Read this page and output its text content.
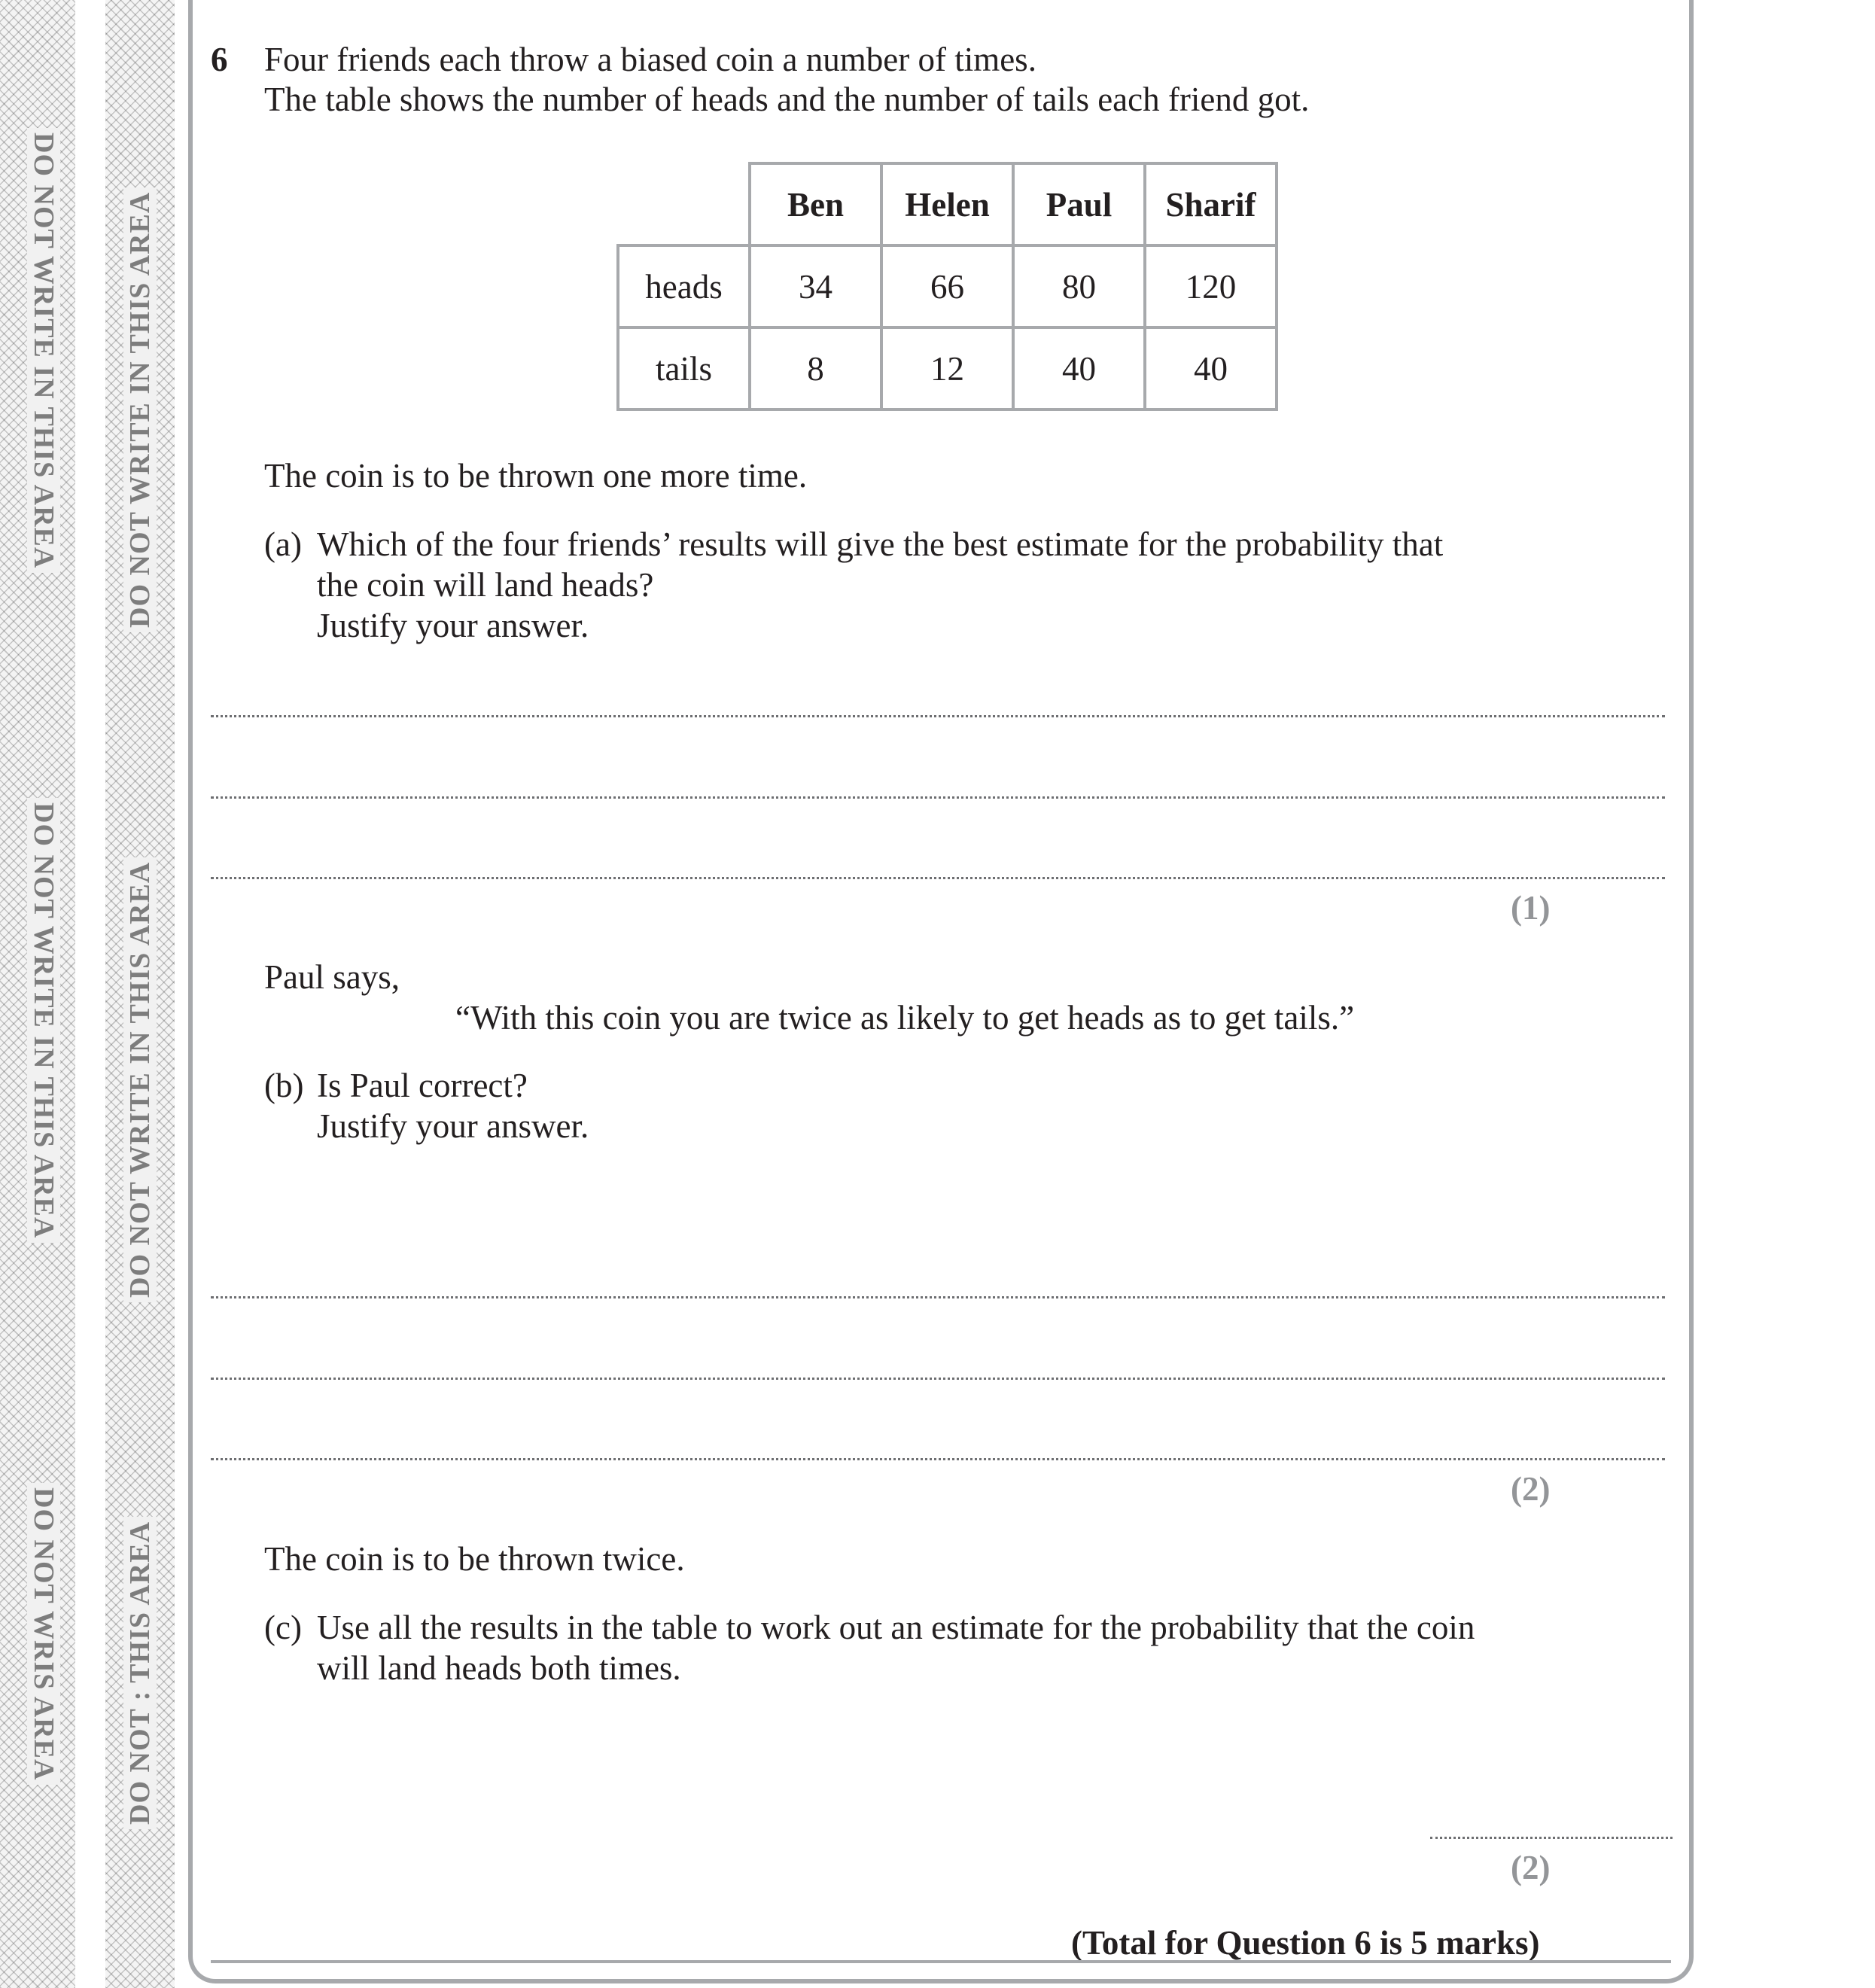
DO NOT WRITE IN THIS AREA
DO NOT WRITE IN THIS AREA
DO NOT WRIS AREA
DO NOT WRITE IN THIS AREA
DO NOT WRITE IN THIS AREA
DO NOT : THIS AREA
6 Four friends each throw a biased coin a number of times.
The table shows the number of heads and the number of tails each friend got.
	Ben	Helen	Paul	Sharif
heads	34	66	80	120
tails	8	12	40	40
The coin is to be thrown one more time.
(a) Which of the four friends’ results will give the best estimate for the probability that
the coin will land heads?
Justify your answer.
(1)
Paul says,
“With this coin you are twice as likely to get heads as to get tails.”
(b) Is Paul correct?
Justify your answer.
(2)
The coin is to be thrown twice.
(c) Use all the results in the table to work out an estimate for the probability that the coin
will land heads both times.
(2)
(Total for Question 6 is 5 marks)
